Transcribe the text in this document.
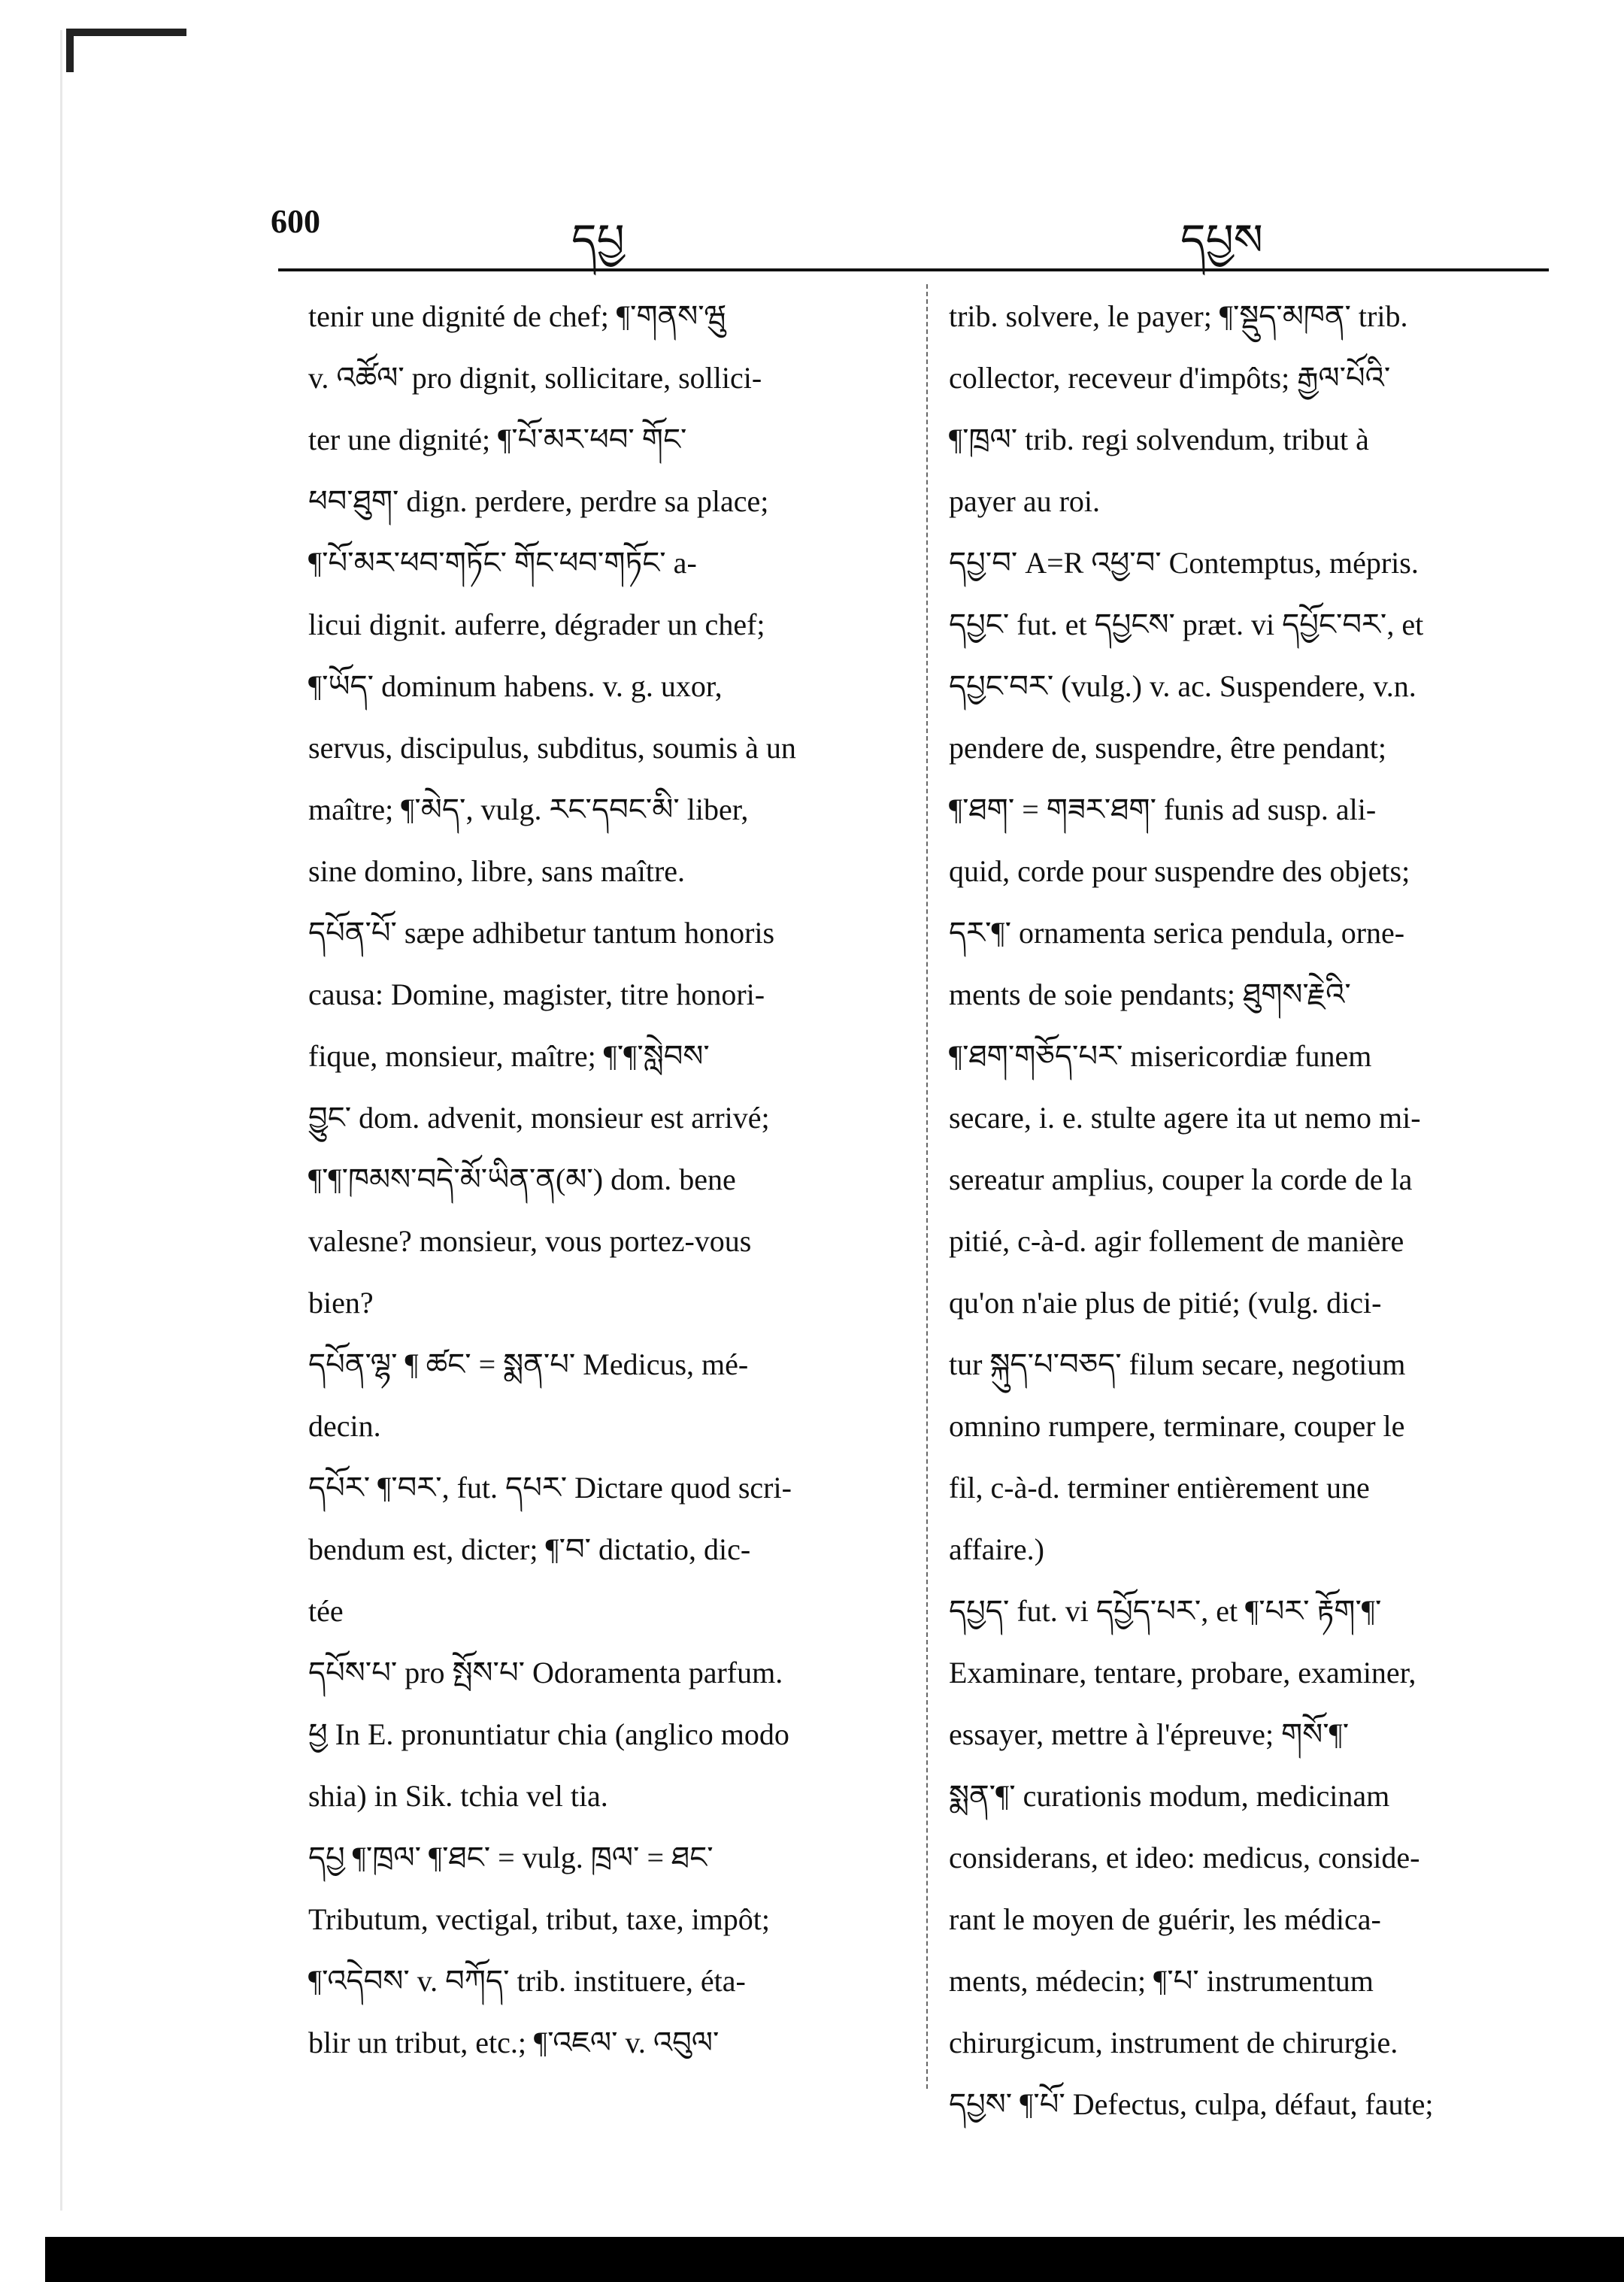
600	དཔྱ	དཔྱས

tenir une dignité de chef; ¶་གནས་ཝུ

v. འཚོལ་ pro dignit, sollicitare, sollici-

ter une dignité; ¶་པོ་མར་ཕབ་ གོང་

ཕབ་ཐུག་ dign. perdere, perdre sa place;

¶་པོ་མར་ཕབ་གཏོང་ གོང་ཕབ་གཏོང་ a-

licui dignit. auferre, dégrader un chef;

¶་ཡོད་ dominum habens. v. g. uxor,

servus, discipulus, subditus, soumis à un

maître; ¶་མེད་, vulg. རང་དབང་མི་ liber,

sine domino, libre, sans maître.

དཔོན་པོ་ sæpe adhibetur tantum honoris

causa: Domine, magister, titre honori-

fique, monsieur, maître; ¶་¶་སླེབས་

བྱུང་ dom. advenit, monsieur est arrivé;

¶་¶་ཁམས་བདེ་མོ་ཡིན་ན(མ་) dom. bene

valesne? monsieur, vous portez-vous

bien?

དཔོན་ལྷ་ ¶ ཚང་ = སྨན་པ་ Medicus, mé-

decin.

དཔོར་ ¶་བར་, fut. དཔར་ Dictare quod scri-

bendum est, dicter; ¶་བ་ dictatio, dic-

tée

དཔོས་པ་ pro སྤོས་པ་ Odoramenta parfum.

ཕྱ In E. pronuntiatur chia (anglico modo

shia) in Sik. tchia vel tia.

དཔྱ ¶་ཁྲལ་ ¶་ཐང་ = vulg. ཁྲལ་ = ཐང་

Tributum, vectigal, tribut, taxe, impôt;

¶་འདེབས་ v. བཀོད་ trib. instituere, éta-

blir un tribut, etc.; ¶་འཇལ་ v. འབུལ་

trib. solvere, le payer; ¶་སྡུད་མཁན་ trib.

collector, receveur d'impôts; རྒྱལ་པོའི་

¶་ཁྲལ་ trib. regi solvendum, tribut à

payer au roi.

དཔྱ་བ་ A=R འཕྱ་བ་ Contemptus, mépris.

དཔྱང་ fut. et དཔྱངས་ præt. vi དཔྱོང་བར་, et

དཔྱང་བར་ (vulg.) v. ac. Suspendere, v.n.

pendere de, suspendre, être pendant;

¶་ཐག་ = གཟར་ཐག་ funis ad susp. ali-

quid, corde pour suspendre des objets;

དར་¶་ ornamenta serica pendula, orne-

ments de soie pendants; ཐུགས་རྗེའི་

¶་ཐག་གཅོད་པར་ misericordiæ funem

secare, i. e. stulte agere ita ut nemo mi-

sereatur amplius, couper la corde de la

pitié, c-à-d. agir follement de manière

qu'on n'aie plus de pitié; (vulg. dici-

tur སྐུད་པ་བཅད་ filum secare, negotium

omnino rumpere, terminare, couper le

fil, c-à-d. terminer entièrement une

affaire.)

དཔྱད་ fut. vi དཔྱོད་པར་, et ¶་པར་ རྟོག་¶་

Examinare, tentare, probare, examiner,

essayer, mettre à l'épreuve; གསོ་¶་

སྨན་¶་ curationis modum, medicinam

considerans, et ideo: medicus, conside-

rant le moyen de guérir, les médica-

ments, médecin; ¶་པ་ instrumentum

chirurgicum, instrument de chirurgie.

དཔྱས་ ¶་པོ་ Defectus, culpa, défaut, faute;
